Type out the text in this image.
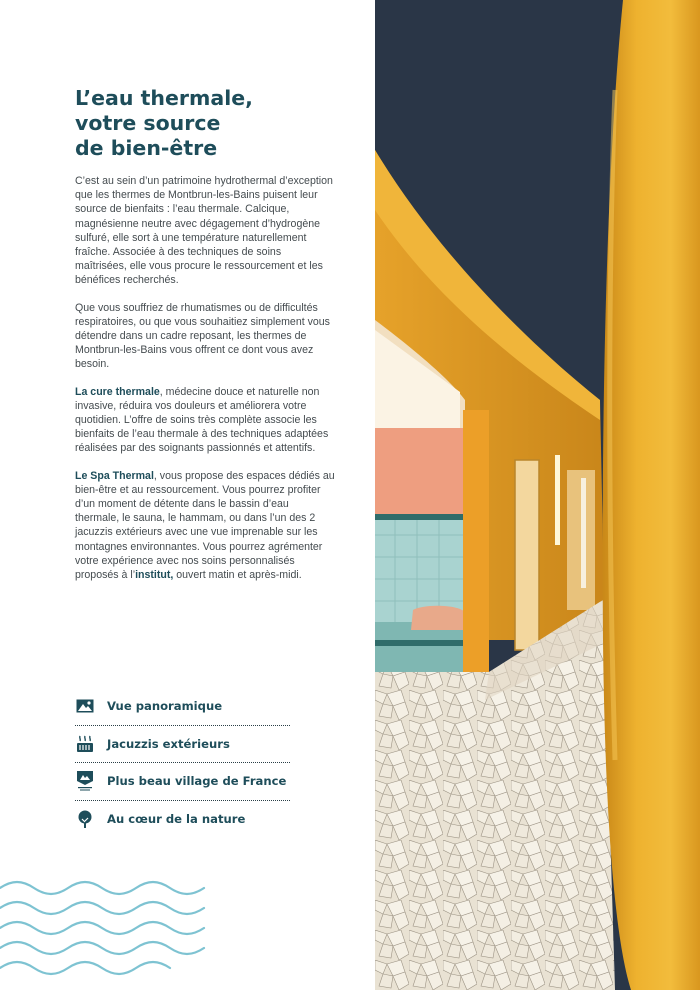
L’eau thermale,
votre source
de bien-être

C’est au sein d’un patrimoine hydrothermal d’exception que les thermes de Montbrun-les-Bains puisent leur source de bienfaits : l’eau thermale. Calcique, magnésienne neutre avec dégagement d’hydrogène sulfuré, elle sort à une température naturellement fraîche. Associée à des techniques de soins maîtrisées, elle vous procure le ressourcement et les bénéfices recherchés.

Que vous souffriez de rhumatismes ou de difficultés respiratoires, ou que vous souhaitiez simplement vous détendre dans un cadre reposant, les thermes de Montbrun-les-Bains vous offrent ce dont vous avez besoin.

La cure thermale, médecine douce et naturelle non invasive, réduira vos douleurs et améliorera votre quotidien. L’offre de soins très complète associe les bienfaits de l’eau thermale à des techniques adaptées réalisées par des soignants passionnés et attentifs.

Le Spa Thermal, vous propose des espaces dédiés au bien-être et au ressourcement. Vous pourrez profiter d’un moment de détente dans le bassin d’eau thermale, le sauna, le hammam, ou dans l’un des 2 jacuzzis extérieurs avec une vue imprenable sur les montagnes environnantes. Vous pourrez agrémenter votre expérience avec nos soins personnalisés proposés à l’institut, ouvert matin et après-midi.

Vue panoramique
Jacuzzis extérieurs
Plus beau village de France
Au cœur de la nature
